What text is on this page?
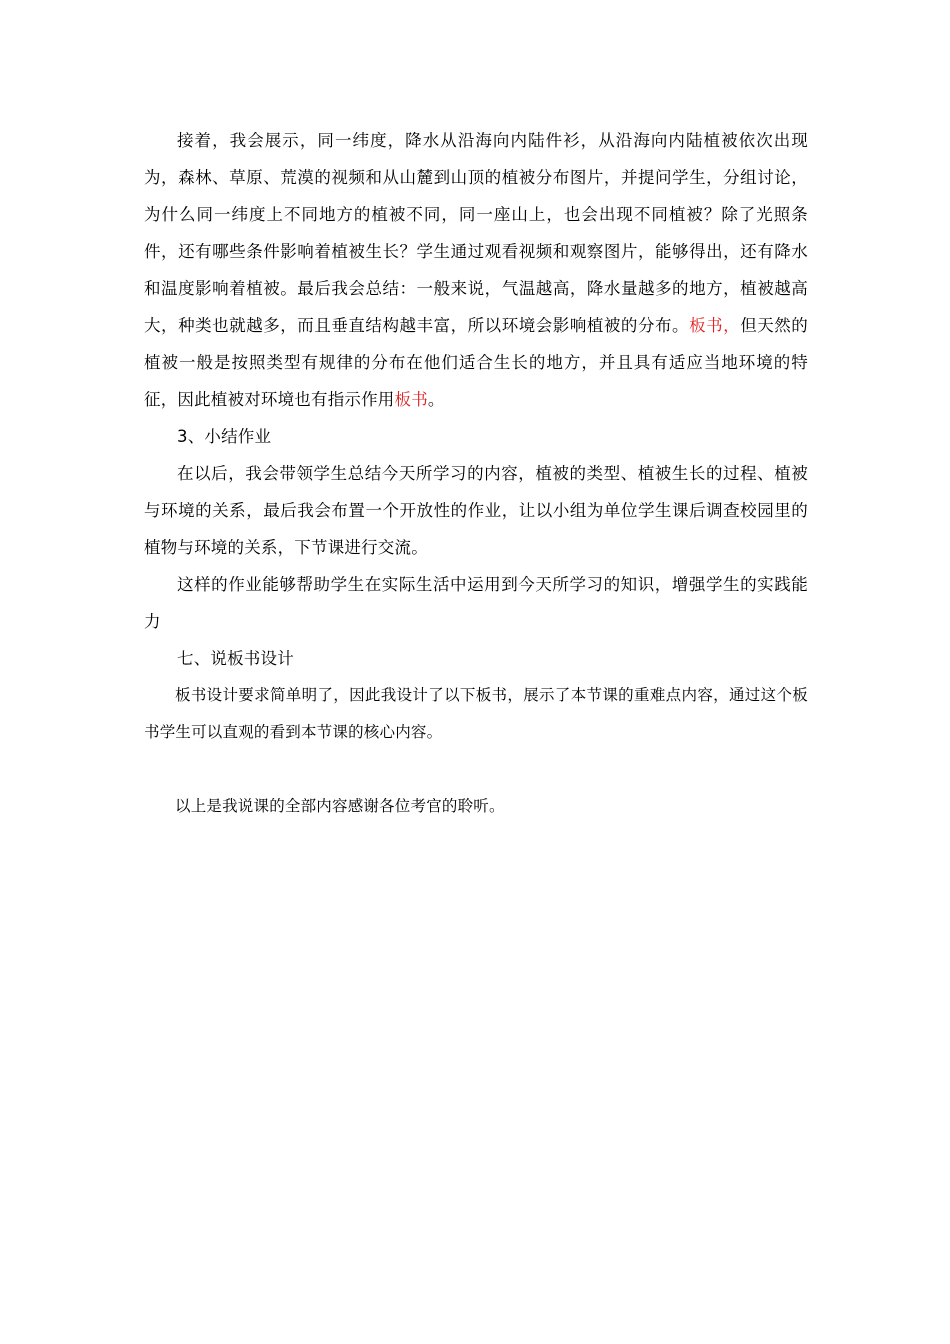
接着，我会展示，同一纬度，降水从沿海向内陆件衫，从沿海向内陆植被依次出现为，森林、草原、荒漠的视频和从山麓到山顶的植被分布图片，并提问学生，分组讨论，为什么同一纬度上不同地方的植被不同，同一座山上，也会出现不同植被？除了光照条件，还有哪些条件影响着植被生长？学生通过观看视频和观察图片，能够得出，还有降水和温度影响着植被。最后我会总结：一般来说，气温越高，降水量越多的地方，植被越高大，种类也就越多，而且垂直结构越丰富，所以环境会影响植被的分布。板书，但天然的植被一般是按照类型有规律的分布在他们适合生长的地方，并且具有适应当地环境的特征，因此植被对环境也有指示作用板书。

3、小结作业

在以后，我会带领学生总结今天所学习的内容，植被的类型、植被生长的过程、植被与环境的关系，最后我会布置一个开放性的作业，让以小组为单位学生课后调查校园里的植物与环境的关系，下节课进行交流。

这样的作业能够帮助学生在实际生活中运用到今天所学习的知识，增强学生的实践能力

七、说板书设计

板书设计要求简单明了，因此我设计了以下板书，展示了本节课的重难点内容，通过这个板书学生可以直观的看到本节课的核心内容。

以上是我说课的全部内容感谢各位考官的聆听。
